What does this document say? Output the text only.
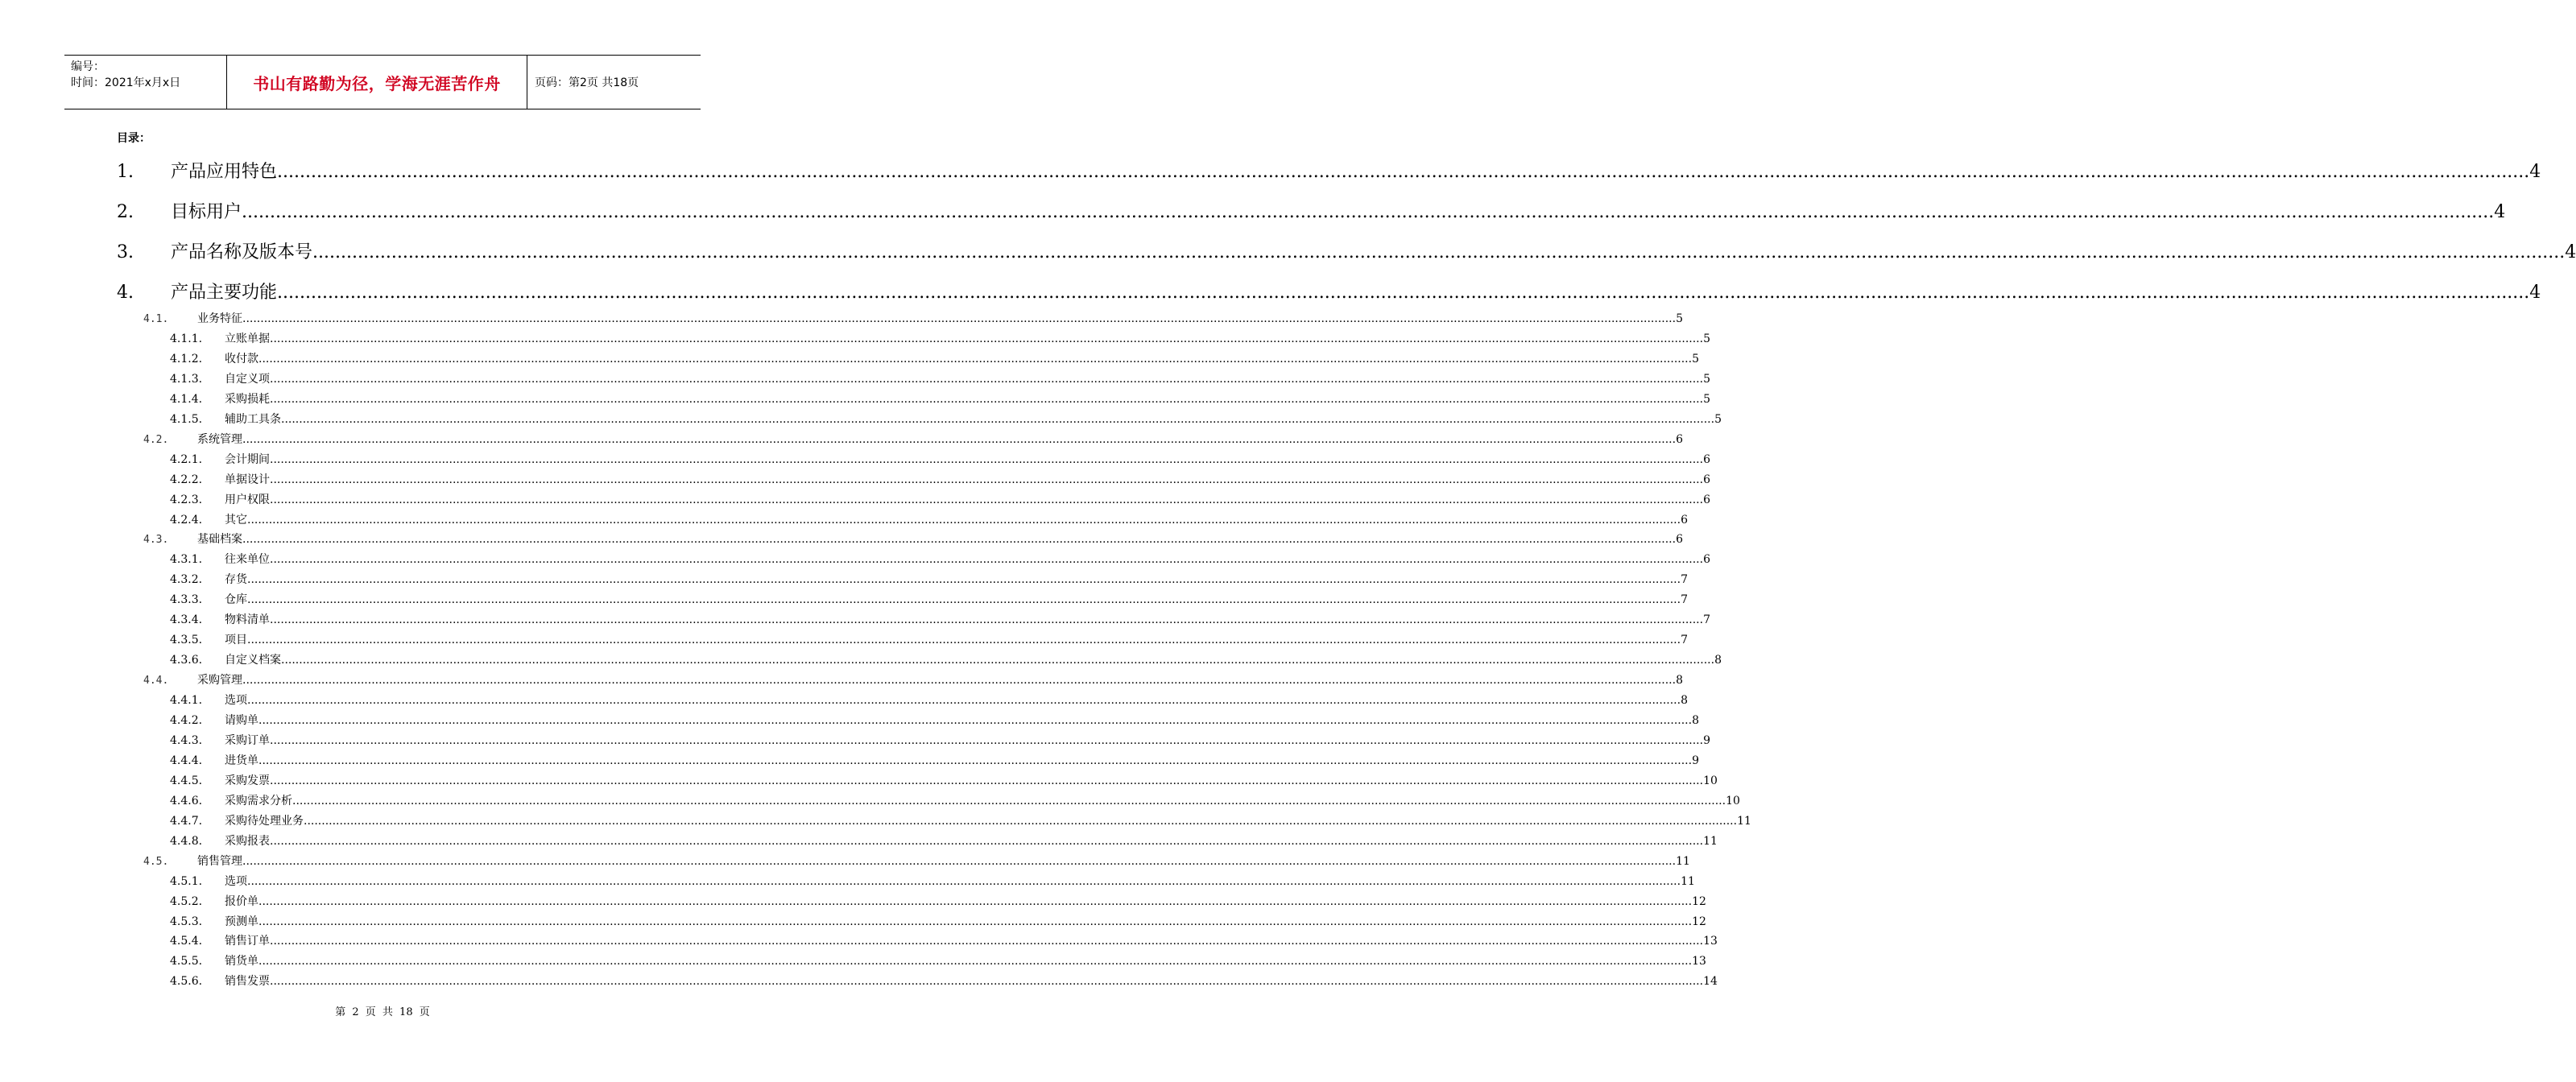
编号：
时间：2021年x月x日	书山有路勤为径，学海无涯苦作舟	页码：第2页 共18页
目录：
1.	产品应用特色 ................................................................................................................................................................................................................................................................................................................................................................................................................ 4
2.	目标用户 ................................................................................................................................................................................................................................................................................................................................................................................................................ 4
3.	产品名称及版本号 ................................................................................................................................................................................................................................................................................................................................................................................................................ 4
4.	产品主要功能 ................................................................................................................................................................................................................................................................................................................................................................................................................ 4
4.1.	业务特征 ................................................................................................................................................................................................................................................................................................................................................................................................................ 5
4.1.1.	立账单据 ................................................................................................................................................................................................................................................................................................................................................................................................................ 5
4.1.2.	收付款 ................................................................................................................................................................................................................................................................................................................................................................................................................ 5
4.1.3.	自定义项 ................................................................................................................................................................................................................................................................................................................................................................................................................ 5
4.1.4.	采购损耗 ................................................................................................................................................................................................................................................................................................................................................................................................................ 5
4.1.5.	辅助工具条 ................................................................................................................................................................................................................................................................................................................................................................................................................ 5
4.2.	系统管理 ................................................................................................................................................................................................................................................................................................................................................................................................................ 6
4.2.1.	会计期间 ................................................................................................................................................................................................................................................................................................................................................................................................................ 6
4.2.2.	单据设计 ................................................................................................................................................................................................................................................................................................................................................................................................................ 6
4.2.3.	用户权限 ................................................................................................................................................................................................................................................................................................................................................................................................................ 6
4.2.4.	其它 ................................................................................................................................................................................................................................................................................................................................................................................................................ 6
4.3.	基础档案 ................................................................................................................................................................................................................................................................................................................................................................................................................ 6
4.3.1.	往来单位 ................................................................................................................................................................................................................................................................................................................................................................................................................ 6
4.3.2.	存货 ................................................................................................................................................................................................................................................................................................................................................................................................................ 7
4.3.3.	仓库 ................................................................................................................................................................................................................................................................................................................................................................................................................ 7
4.3.4.	物料清单 ................................................................................................................................................................................................................................................................................................................................................................................................................ 7
4.3.5.	项目 ................................................................................................................................................................................................................................................................................................................................................................................................................ 7
4.3.6.	自定义档案 ................................................................................................................................................................................................................................................................................................................................................................................................................ 8
4.4.	采购管理 ................................................................................................................................................................................................................................................................................................................................................................................................................ 8
4.4.1.	选项 ................................................................................................................................................................................................................................................................................................................................................................................................................ 8
4.4.2.	请购单 ................................................................................................................................................................................................................................................................................................................................................................................................................ 8
4.4.3.	采购订单 ................................................................................................................................................................................................................................................................................................................................................................................................................ 9
4.4.4.	进货单 ................................................................................................................................................................................................................................................................................................................................................................................................................ 9
4.4.5.	采购发票 ................................................................................................................................................................................................................................................................................................................................................................................................................ 10
4.4.6.	采购需求分析 ................................................................................................................................................................................................................................................................................................................................................................................................................ 10
4.4.7.	采购待处理业务 ................................................................................................................................................................................................................................................................................................................................................................................................................ 11
4.4.8.	采购报表 ................................................................................................................................................................................................................................................................................................................................................................................................................ 11
4.5.	销售管理 ................................................................................................................................................................................................................................................................................................................................................................................................................ 11
4.5.1.	选项 ................................................................................................................................................................................................................................................................................................................................................................................................................ 11
4.5.2.	报价单 ................................................................................................................................................................................................................................................................................................................................................................................................................ 12
4.5.3.	预测单 ................................................................................................................................................................................................................................................................................................................................................................................................................ 12
4.5.4.	销售订单 ................................................................................................................................................................................................................................................................................................................................................................................................................ 13
4.5.5.	销货单 ................................................................................................................................................................................................................................................................................................................................................................................................................ 13
4.5.6.	销售发票 ................................................................................................................................................................................................................................................................................................................................................................................................................ 14
第 2 页 共 18 页
